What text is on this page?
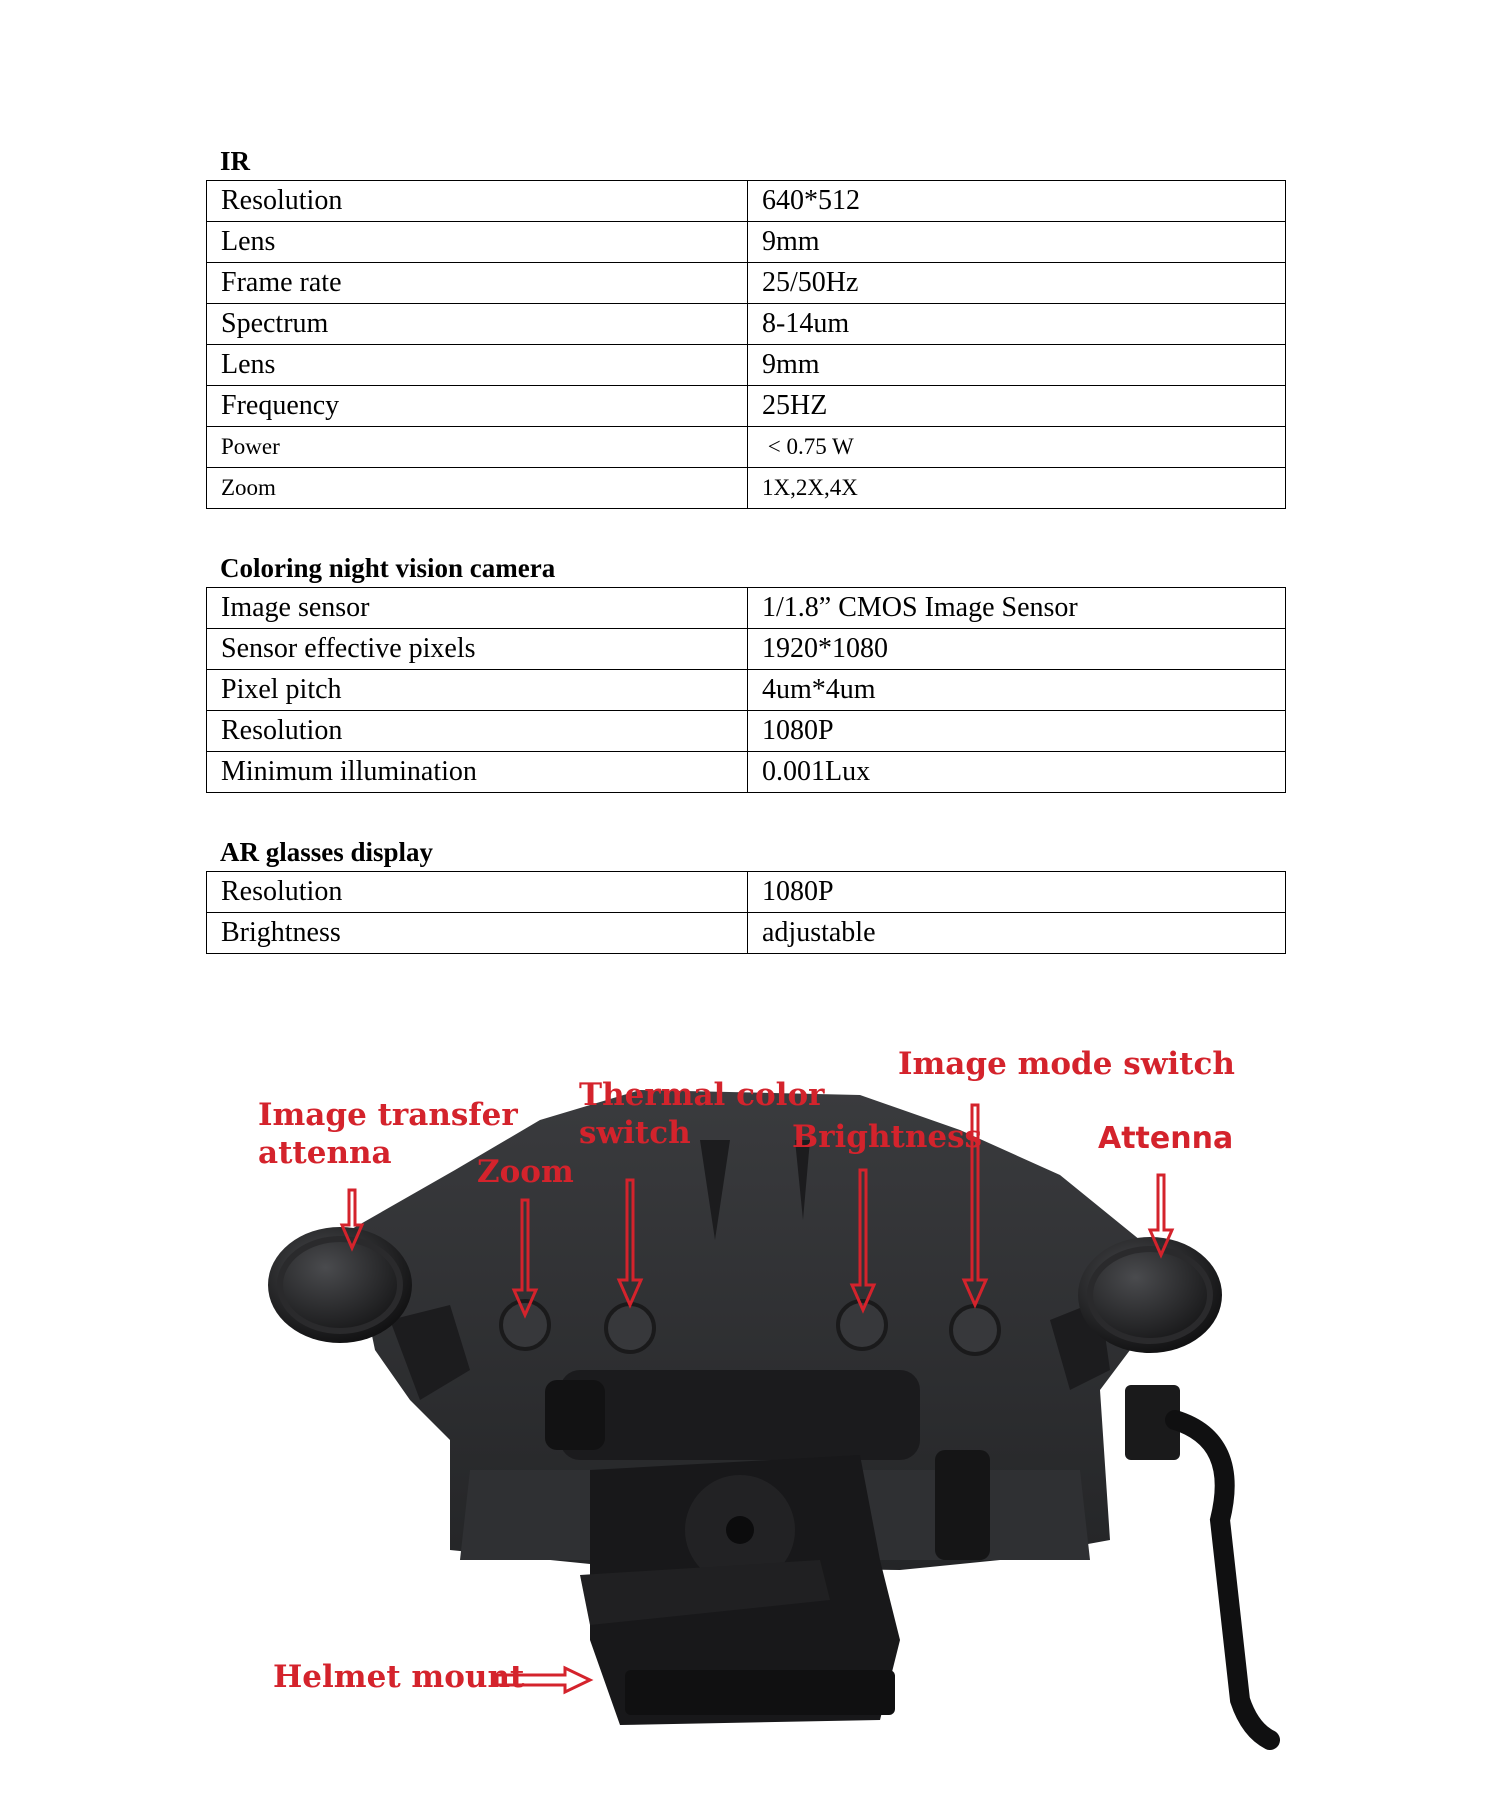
IR
Resolution	640*512
Lens	9mm
Frame rate	25/50Hz
Spectrum	8-14um
Lens	9mm
Frequency	25HZ
Power	< 0.75 W
Zoom	1X,2X,4X
Coloring night vision camera
Image sensor	1/1.8” CMOS Image Sensor
Sensor effective pixels	1920*1080
Pixel pitch	4um*4um
Resolution	1080P
Minimum illumination	0.001Lux
AR glasses display
Resolution	1080P
Brightness	adjustable
Image transfer
attenna
Zoom
Thermal color
switch	Brightness
Image mode switch
Attenna
Helmet mount
